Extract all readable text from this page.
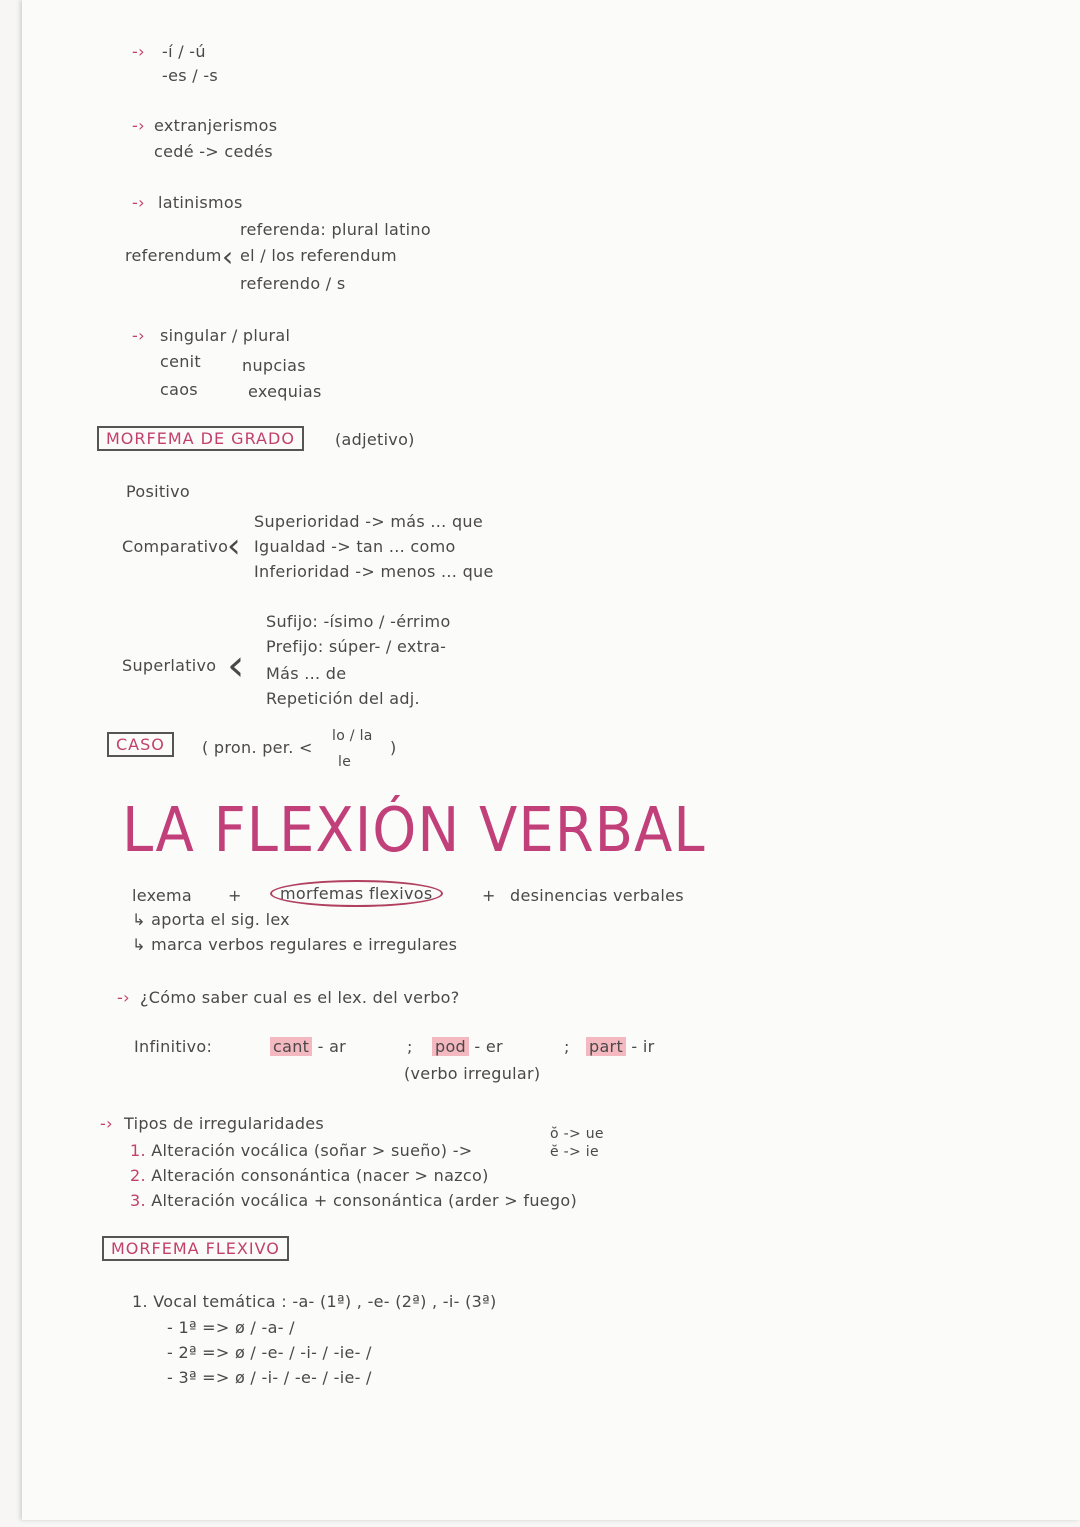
-› -í / -ú
-es / -s
-› extranjerismos
cedé -> cedés
-› latinismos
referendum ‹
referenda: plural latino
el / los referendum
referendo / s
-› singular / plural
cenit	nupcias
caos	exequias
MORFEMA DE GRADO	(adjetivo)
Positivo
Comparativo
‹
Superioridad -> más ... que
Igualdad -> tan ... como
Inferioridad -> menos ... que
Superlativo ‹
Sufijo: -ísimo / -érrimo
Prefijo: súper- / extra-
Más ... de
Repetición del adj.
CASO	( pron. per. <
lo / la
le
)
LA FLEXIÓN VERBAL
lexema +	morfemas flexivos	+ desinencias verbales
↳ aporta el sig. lex
↳ marca verbos regulares e irregulares
-› ¿Cómo saber cual es el lex. del verbo?
Infinitivo:	cant - ar	; pod - er	; part - ir
(verbo irregular)
-› Tipos de irregularidades
ŏ -> ue
ĕ -> ie
1. Alteración vocálica (soñar > sueño) ->
2. Alteración consonántica (nacer > nazco)
3. Alteración vocálica + consonántica (arder > fuego)
MORFEMA FLEXIVO
1. Vocal temática : -a- (1ª) , -e- (2ª) , -i- (3ª)
- 1ª => ø / -a- /
- 2ª => ø / -e- / -i- / -ie- /
- 3ª => ø / -i- / -e- / -ie- /
